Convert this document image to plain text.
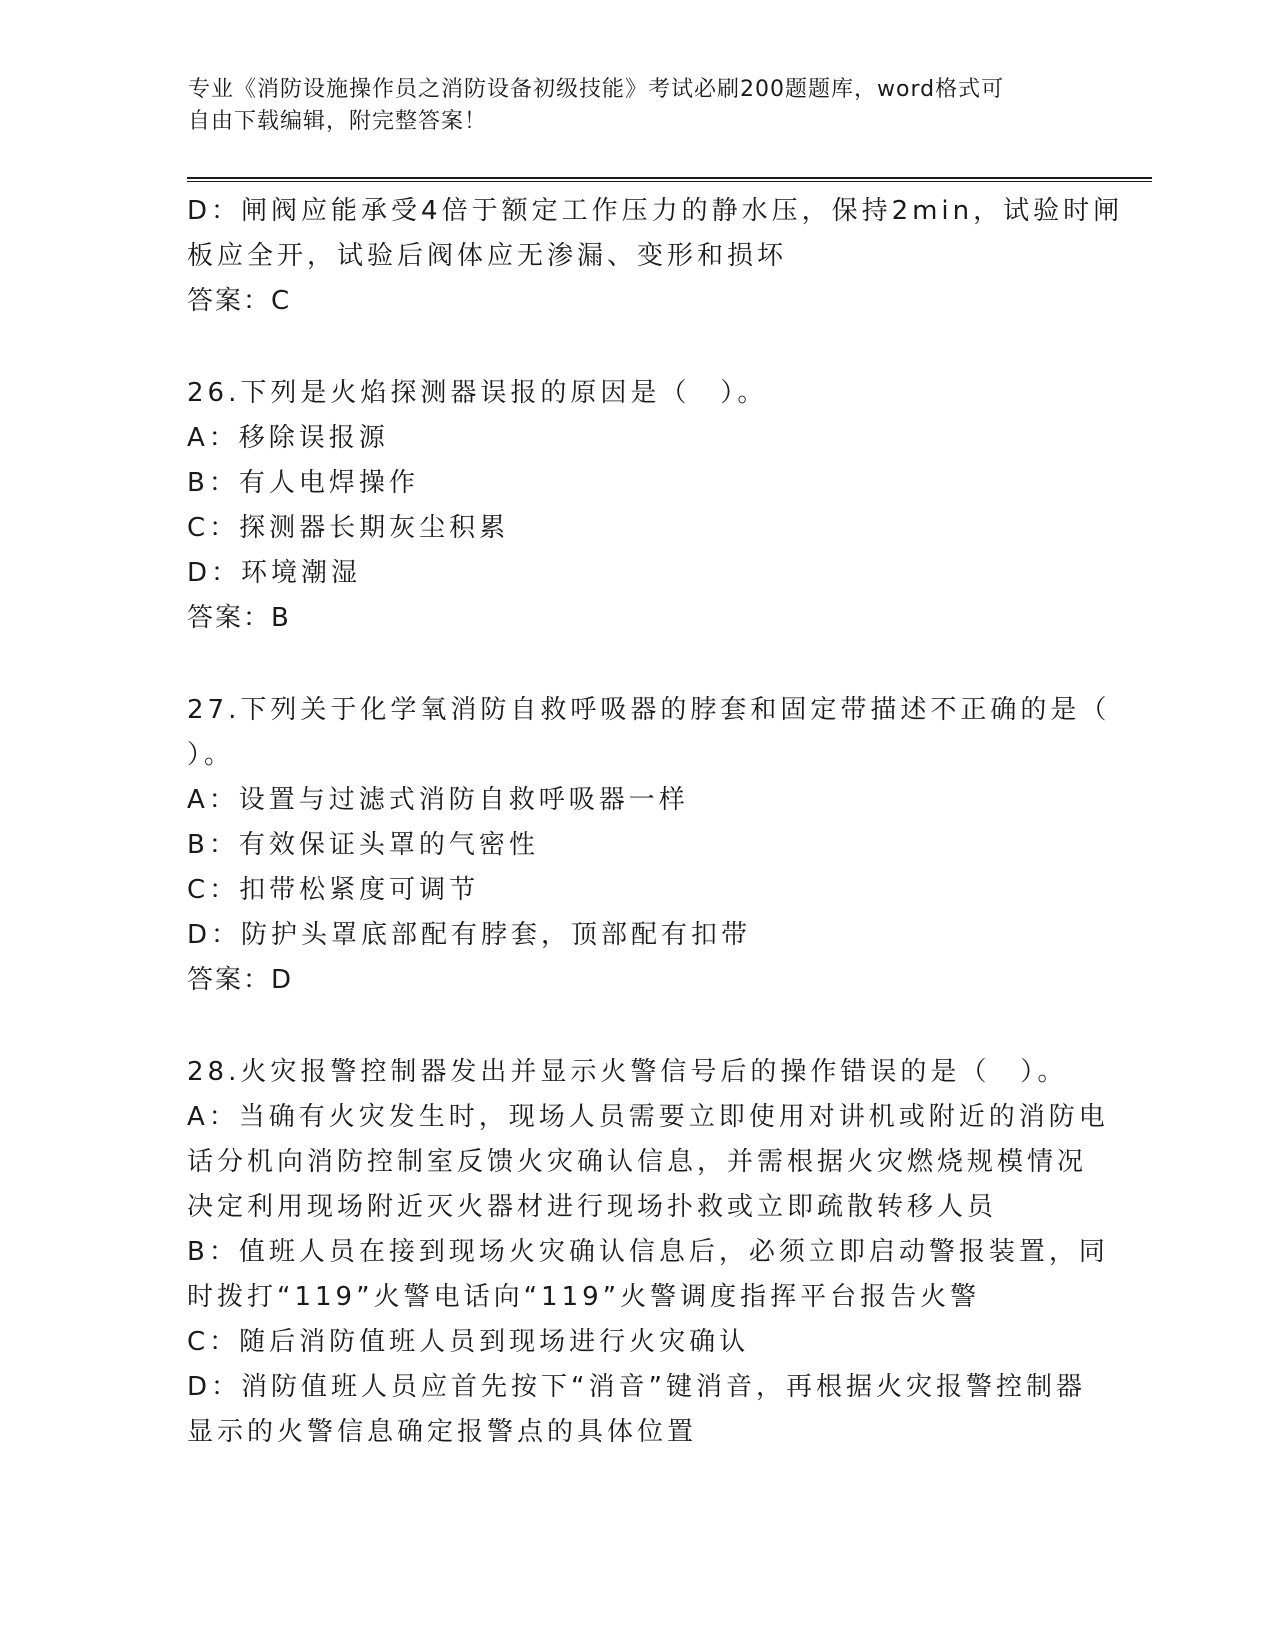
专业《消防设施操作员之消防设备初级技能》考试必刷200题题库，word格式可
自由下载编辑，附完整答案！
D：闸阀应能承受4倍于额定工作压力的静水压，保持2min，试验时闸
板应全开，试验后阀体应无渗漏、变形和损坏
答案：C
26.下列是火焰探测器误报的原因是（　）。
A：移除误报源
B：有人电焊操作
C：探测器长期灰尘积累
D：环境潮湿
答案：B
27.下列关于化学氧消防自救呼吸器的脖套和固定带描述不正确的是（
）。
A：设置与过滤式消防自救呼吸器一样
B：有效保证头罩的气密性
C：扣带松紧度可调节
D：防护头罩底部配有脖套，顶部配有扣带
答案：D
28.火灾报警控制器发出并显示火警信号后的操作错误的是（　）。
A：当确有火灾发生时，现场人员需要立即使用对讲机或附近的消防电
话分机向消防控制室反馈火灾确认信息，并需根据火灾燃烧规模情况
决定利用现场附近灭火器材进行现场扑救或立即疏散转移人员
B：值班人员在接到现场火灾确认信息后，必须立即启动警报装置，同
时拨打“119”火警电话向“119”火警调度指挥平台报告火警
C：随后消防值班人员到现场进行火灾确认
D：消防值班人员应首先按下“消音”键消音，再根据火灾报警控制器
显示的火警信息确定报警点的具体位置
